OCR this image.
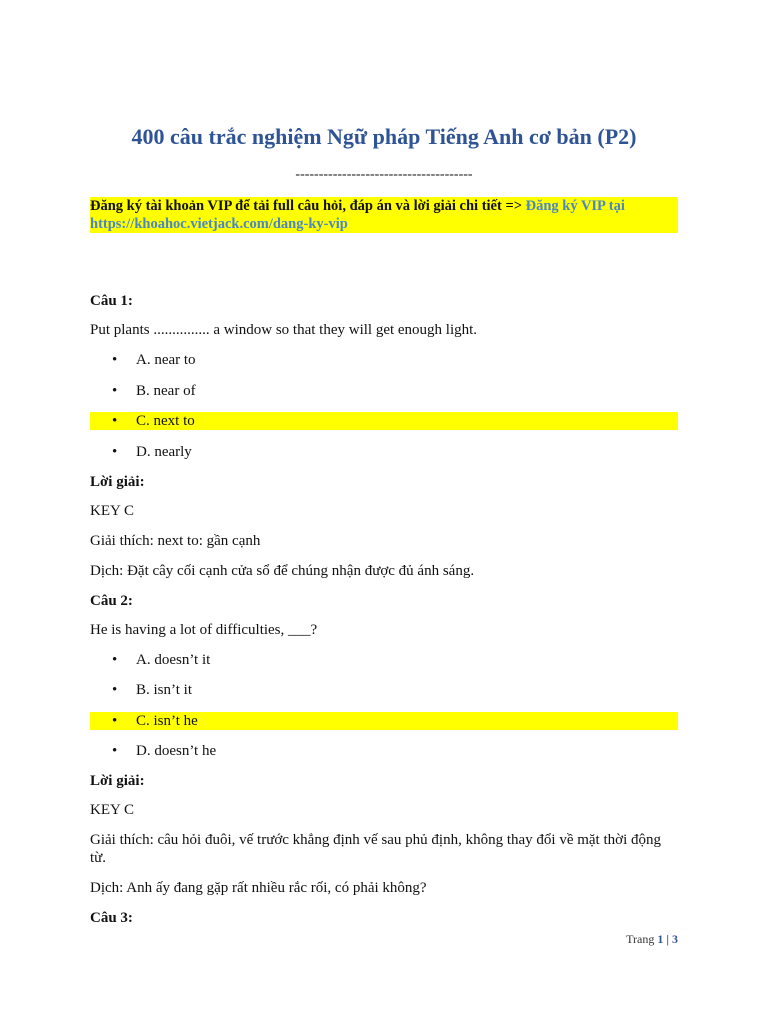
400 câu trắc nghiệm Ngữ pháp Tiếng Anh cơ bản (P2)
--------------------------------------
Đăng ký tài khoản VIP để tải full câu hỏi, đáp án và lời giải chi tiết => Đăng ký VIP tại https://khoahoc.vietjack.com/dang-ky-vip

Câu 1:

Put plants ............... a window so that they will get enough light.

• A. near to
• B. near of
• C. next to
• D. nearly

Lời giải:

KEY C

Giải thích: next to: gần cạnh

Dịch: Đặt cây cối cạnh cửa sổ để chúng nhận được đủ ánh sáng.

Câu 2:

He is having a lot of difficulties, ___?

• A. doesn’t it
• B. isn’t it
• C. isn’t he
• D. doesn’t he

Lời giải:

KEY C

Giải thích: câu hỏi đuôi, vế trước khẳng định vế sau phủ định, không thay đổi về mặt thời động từ.

Dịch: Anh ấy đang gặp rất nhiều rắc rối, có phải không?

Câu 3:

Trang 1 | 3
